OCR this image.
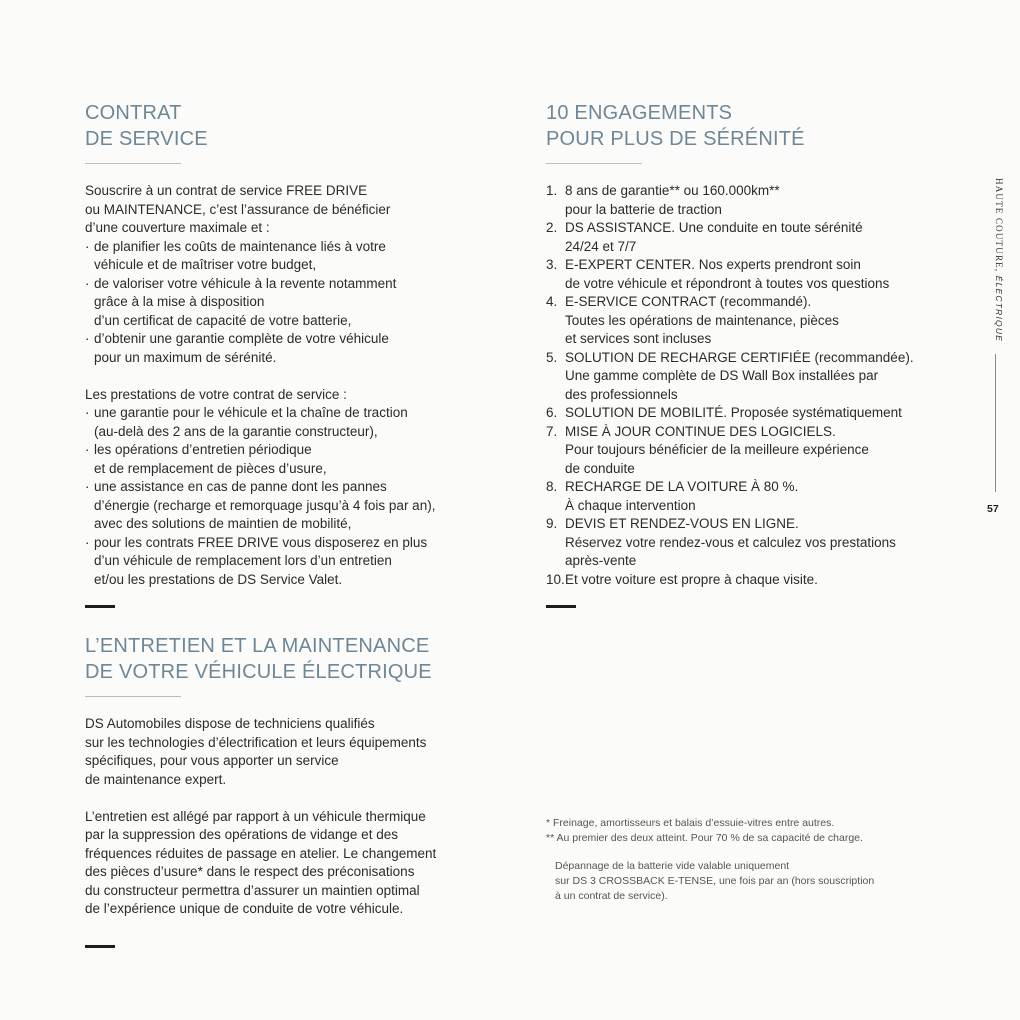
CONTRAT
DE SERVICE
Souscrire à un contrat de service FREE DRIVE
ou MAINTENANCE, c’est l’assurance de bénéficier
d’une couverture maximale et :
· de planifier les coûts de maintenance liés à votre
véhicule et de maîtriser votre budget,
· de valoriser votre véhicule à la revente notamment
grâce à la mise à disposition
d’un certificat de capacité de votre batterie,
· d’obtenir une garantie complète de votre véhicule
pour un maximum de sérénité.
Les prestations de votre contrat de service :
· une garantie pour le véhicule et la chaîne de traction
(au-delà des 2 ans de la garantie constructeur),
· les opérations d’entretien périodique
et de remplacement de pièces d’usure,
· une assistance en cas de panne dont les pannes
d’énergie (recharge et remorquage jusqu’à 4 fois par an),
avec des solutions de maintien de mobilité,
· pour les contrats FREE DRIVE vous disposerez en plus
d’un véhicule de remplacement lors d’un entretien
et/ou les prestations de DS Service Valet.
L’ENTRETIEN ET LA MAINTENANCE
DE VOTRE VÉHICULE ÉLECTRIQUE
DS Automobiles dispose de techniciens qualifiés
sur les technologies d’électrification et leurs équipements
spécifiques, pour vous apporter un service
de maintenance expert.
L’entretien est allégé par rapport à un véhicule thermique
par la suppression des opérations de vidange et des
fréquences réduites de passage en atelier. Le changement
des pièces d’usure* dans le respect des préconisations
du constructeur permettra d’assurer un maintien optimal
de l’expérience unique de conduite de votre véhicule.
10 ENGAGEMENTS
POUR PLUS DE SÉRÉNITÉ
1. 8 ans de garantie** ou 160.000km**
pour la batterie de traction
2. DS ASSISTANCE. Une conduite en toute sérénité
24/24 et 7/7
3. E-EXPERT CENTER. Nos experts prendront soin
de votre véhicule et répondront à toutes vos questions
4. E-SERVICE CONTRACT (recommandé).
Toutes les opérations de maintenance, pièces
et services sont incluses
5. SOLUTION DE RECHARGE CERTIFIÉE (recommandée).
Une gamme complète de DS Wall Box installées par
des professionnels
6. SOLUTION DE MOBILITÉ. Proposée systématiquement
7. MISE À JOUR CONTINUE DES LOGICIELS.
Pour toujours bénéficier de la meilleure expérience
de conduite
8. RECHARGE DE LA VOITURE À 80 %.
À chaque intervention
9. DEVIS ET RENDEZ-VOUS EN LIGNE.
Réservez votre rendez-vous et calculez vos prestations
après-vente
10. Et votre voiture est propre à chaque visite.
* Freinage, amortisseurs et balais d’essuie-vitres entre autres.
** Au premier des deux atteint. Pour 70 % de sa capacité de charge.
Dépannage de la batterie vide valable uniquement
sur DS 3 CROSSBACK E-TENSE, une fois par an (hors souscription
à un contrat de service).
HAUTE COUTURE, ÉLECTRIQUE
57
